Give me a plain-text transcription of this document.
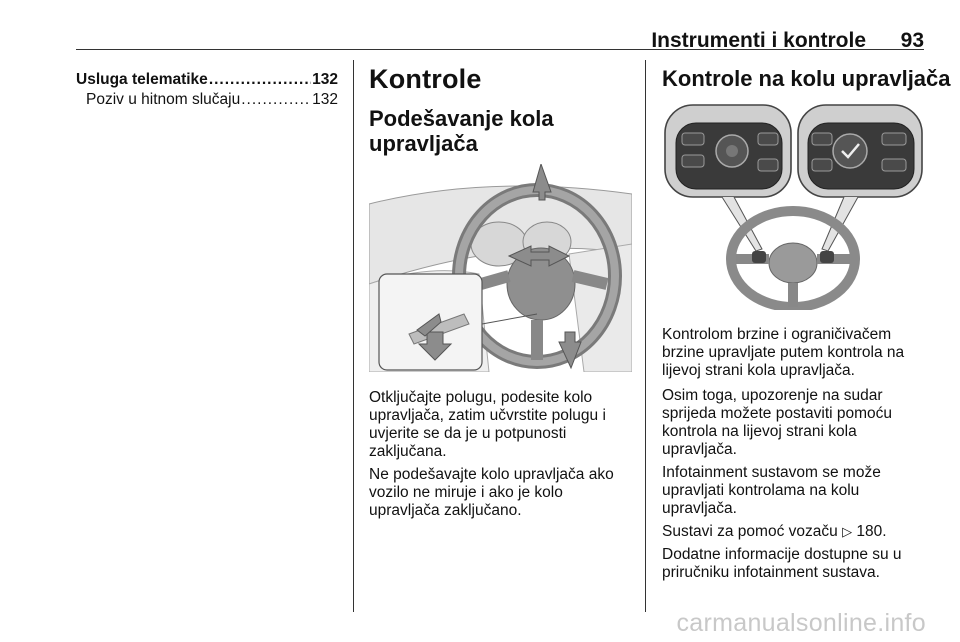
Instrumenti i kontrole 93
Usluga telematike .....	132
Poziv u hitnom slučaju .....	132
Kontrole
Podešavanje kola upravljača

Otključajte polugu, podesite kolo upravljača, zatim učvrstite polugu i uvjerite se da je u potpunosti zaključana.

Ne podešavajte kolo upravljača ako vozilo ne miruje i ako je kolo upravljača zaključano.

Kontrole na kolu upravljača

Kontrolom brzine i ograničivačem brzine upravljate putem kontrola na lijevoj strani kola upravljača.

Osim toga, upozorenje na sudar sprijeda možete postaviti pomoću kontrola na lijevoj strani kola upravljača.

Infotainment sustavom se može upravljati kontrolama na kolu upravljača.

Sustavi za pomoć vozaču ▷ 180.

Dodatne informacije dostupne su u priručniku infotainment sustava.

carmanualsonline.info
